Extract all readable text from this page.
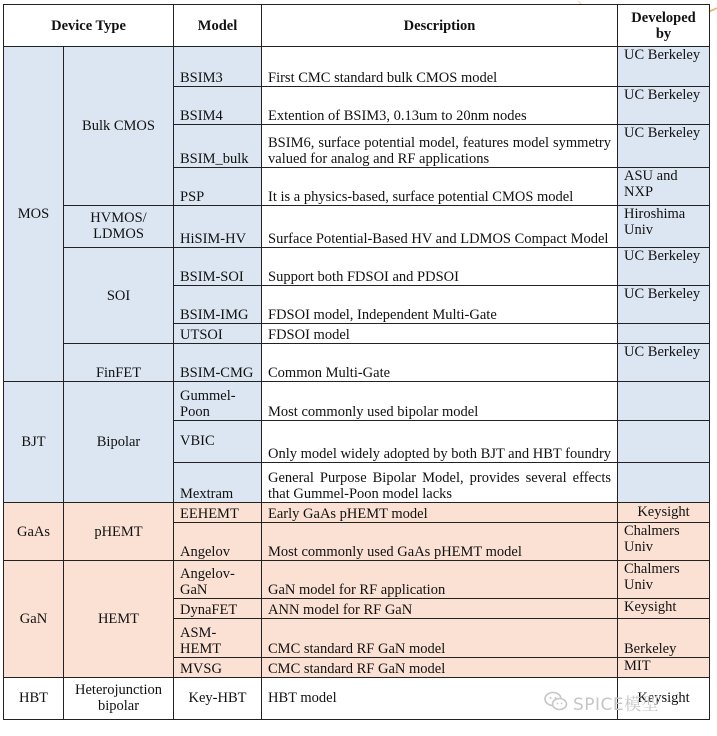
Device Type		Model	Description	Developed by
MOS	Bulk CMOS	BSIM3	First CMC standard bulk CMOS model	UC Berkeley
		BSIM4	Extention of BSIM3, 0.13um to 20nm nodes	UC Berkeley
		BSIM_bulk	BSIM6, surface potential model, features model symmetry valued for analog and RF applications	UC Berkeley
		PSP	It is a physics-based, surface potential CMOS model	ASU and NXP
	HVMOS/ LDMOS	HiSIM-HV	Surface Potential-Based HV and LDMOS Compact Model	Hiroshima Univ
	SOI	BSIM-SOI	Support both FDSOI and PDSOI	UC Berkeley
		BSIM-IMG	FDSOI model, Independent Multi-Gate	UC Berkeley
		UTSOI	FDSOI model	
	FinFET	BSIM-CMG	Common Multi-Gate	UC Berkeley
BJT	Bipolar	Gummel-Poon	Most commonly used bipolar model	
		VBIC	Only model widely adopted by both BJT and HBT foundry	
		Mextram	General Purpose Bipolar Model, provides several effects that Gummel-Poon model lacks	
GaAs	pHEMT	EEHEMT	Early GaAs pHEMT model	Keysight
		Angelov	Most commonly used GaAs pHEMT model	Chalmers Univ
GaN	HEMT	Angelov-GaN	GaN model for RF application	Chalmers Univ
		DynaFET	ANN model for RF GaN	Keysight
		ASM-HEMT	CMC standard RF GaN model	Berkeley
		MVSG	CMC standard RF GaN model	MIT
HBT	Heterojunction bipolar	Key-HBT	HBT model	Keysight
SPICE模型
